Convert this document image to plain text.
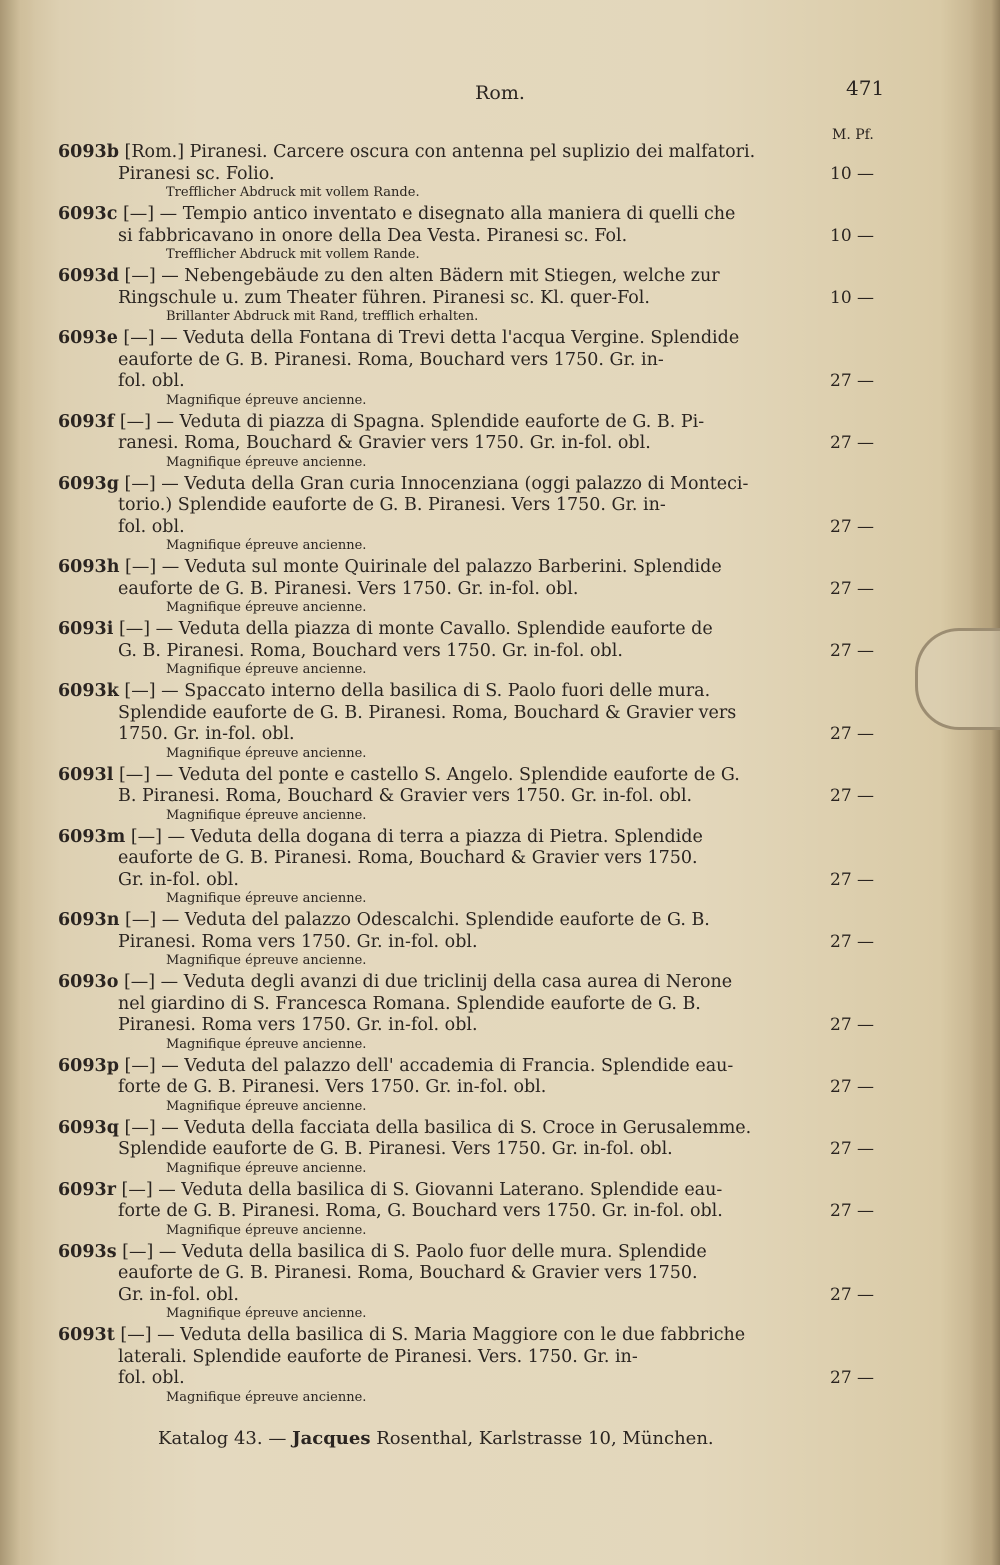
Rom.	471
M. Pf.
6093b [Rom.] Piranesi. Carcere oscura con antenna pel suplizio dei malfatori.
Piranesi sc. Folio.	10 —
Trefflicher Abdruck mit vollem Rande.
6093c [—] — Tempio antico inventato e disegnato alla maniera di quelli che
si fabbricavano in onore della Dea Vesta. Piranesi sc. Fol.	10 —
Trefflicher Abdruck mit vollem Rande.
6093d [—] — Nebengebäude zu den alten Bädern mit Stiegen, welche zur
Ringschule u. zum Theater führen. Piranesi sc. Kl. quer-Fol.	10 —
Brillanter Abdruck mit Rand, trefflich erhalten.
6093e [—] — Veduta della Fontana di Trevi detta l'acqua Vergine. Splendide
eauforte de G. B. Piranesi. Roma, Bouchard vers 1750. Gr. in-
fol. obl.	27 —
Magnifique épreuve ancienne.
6093f [—] — Veduta di piazza di Spagna. Splendide eauforte de G. B. Pi-
ranesi. Roma, Bouchard & Gravier vers 1750. Gr. in-fol. obl.	27 —
Magnifique épreuve ancienne.
6093g [—] — Veduta della Gran curia Innocenziana (oggi palazzo di Monteci-
torio.) Splendide eauforte de G. B. Piranesi. Vers 1750. Gr. in-
fol. obl.	27 —
Magnifique épreuve ancienne.
6093h [—] — Veduta sul monte Quirinale del palazzo Barberini. Splendide
eauforte de G. B. Piranesi. Vers 1750. Gr. in-fol. obl.	27 —
Magnifique épreuve ancienne.
6093i [—] — Veduta della piazza di monte Cavallo. Splendide eauforte de
G. B. Piranesi. Roma, Bouchard vers 1750. Gr. in-fol. obl.	27 —
Magnifique épreuve ancienne.
6093k [—] — Spaccato interno della basilica di S. Paolo fuori delle mura.
Splendide eauforte de G. B. Piranesi. Roma, Bouchard & Gravier vers
1750. Gr. in-fol. obl.	27 —
Magnifique épreuve ancienne.
6093l [—] — Veduta del ponte e castello S. Angelo. Splendide eauforte de G.
B. Piranesi. Roma, Bouchard & Gravier vers 1750. Gr. in-fol. obl.	27 —
Magnifique épreuve ancienne.
6093m [—] — Veduta della dogana di terra a piazza di Pietra. Splendide
eauforte de G. B. Piranesi. Roma, Bouchard & Gravier vers 1750.
Gr. in-fol. obl.	27 —
Magnifique épreuve ancienne.
6093n [—] — Veduta del palazzo Odescalchi. Splendide eauforte de G. B.
Piranesi. Roma vers 1750. Gr. in-fol. obl.	27 —
Magnifique épreuve ancienne.
6093o [—] — Veduta degli avanzi di due triclinij della casa aurea di Nerone
nel giardino di S. Francesca Romana. Splendide eauforte de G. B.
Piranesi. Roma vers 1750. Gr. in-fol. obl.	27 —
Magnifique épreuve ancienne.
6093p [—] — Veduta del palazzo dell' accademia di Francia. Splendide eau-
forte de G. B. Piranesi. Vers 1750. Gr. in-fol. obl.	27 —
Magnifique épreuve ancienne.
6093q [—] — Veduta della facciata della basilica di S. Croce in Gerusalemme.
Splendide eauforte de G. B. Piranesi. Vers 1750. Gr. in-fol. obl.	27 —
Magnifique épreuve ancienne.
6093r [—] — Veduta della basilica di S. Giovanni Laterano. Splendide eau-
forte de G. B. Piranesi. Roma, G. Bouchard vers 1750. Gr. in-fol. obl.	27 —
Magnifique épreuve ancienne.
6093s [—] — Veduta della basilica di S. Paolo fuor delle mura. Splendide
eauforte de G. B. Piranesi. Roma, Bouchard & Gravier vers 1750.
Gr. in-fol. obl.	27 —
Magnifique épreuve ancienne.
6093t [—] — Veduta della basilica di S. Maria Maggiore con le due fabbriche
laterali. Splendide eauforte de Piranesi. Vers. 1750. Gr. in-
fol. obl.	27 —
Magnifique épreuve ancienne.
Katalog 43. — Jacques Rosenthal, Karlstrasse 10, München.
